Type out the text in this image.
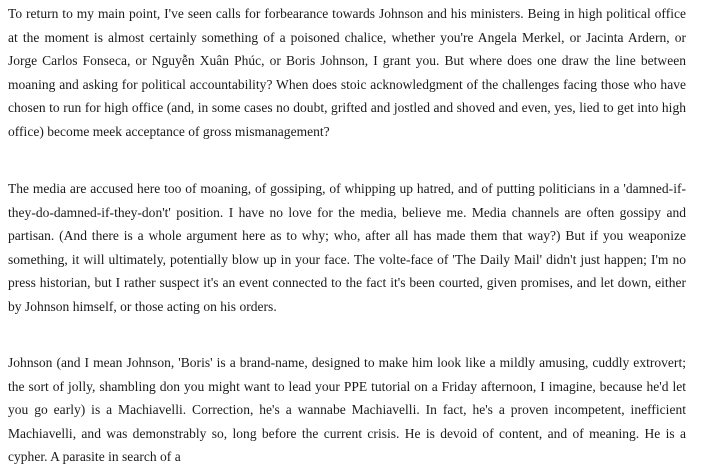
To return to my main point, I've seen calls for forbearance towards Johnson and his ministers. Being in high political office at the moment is almost certainly something of a poisoned chalice, whether you're Angela Merkel, or Jacinta Ardern, or Jorge Carlos Fonseca, or Nguyễn Xuân Phúc, or Boris Johnson, I grant you. But where does one draw the line between moaning and asking for political accountability? When does stoic acknowledgment of the challenges facing those who have chosen to run for high office (and, in some cases no doubt, grifted and jostled and shoved and even, yes, lied to get into high office) become meek acceptance of gross mismanagement?

The media are accused here too of moaning, of gossiping, of whipping up hatred, and of putting politicians in a 'damned-if-they-do-damned-if-they-don't' position. I have no love for the media, believe me. Media channels are often gossipy and partisan. (And there is a whole argument here as to why; who, after all has made them that way?) But if you weaponize something, it will ultimately, potentially blow up in your face. The volte-face of 'The Daily Mail' didn't just happen; I'm no press historian, but I rather suspect it's an event connected to the fact it's been courted, given promises, and let down, either by Johnson himself, or those acting on his orders.

Johnson (and I mean Johnson, 'Boris' is a brand-name, designed to make him look like a mildly amusing, cuddly extrovert; the sort of jolly, shambling don you might want to lead your PPE tutorial on a Friday afternoon, I imagine, because he'd let you go early) is a Machiavelli. Correction, he's a wannabe Machiavelli. In fact, he's a proven incompetent, inefficient Machiavelli, and was demonstrably so, long before the current crisis. He is devoid of content, and of meaning. He is a cypher. A parasite in search of a
